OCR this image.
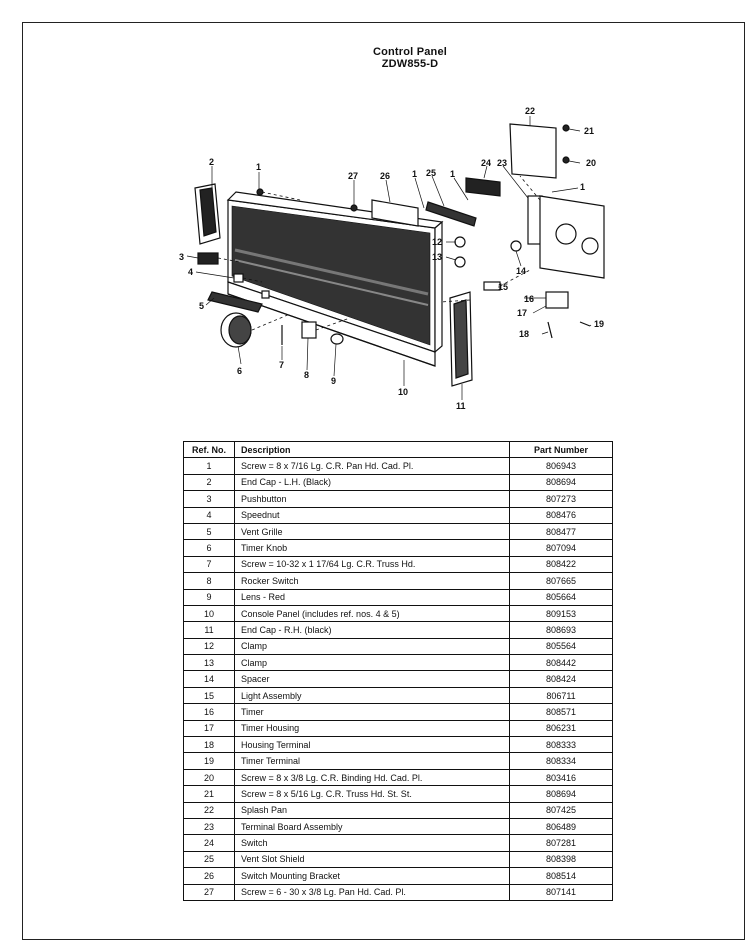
Control Panel
ZDW855-D
2	1
3
4
5
6
7
8
9
10
11
12
13
14
15
16
17
18
19
20
21
22
23
24
25
26
27	1	1
1
Ref. No.	Description	Part Number
1	Screw = 8 x 7/16 Lg. C.R. Pan Hd. Cad. Pl.	806943
2	End Cap - L.H. (Black)	808694
3	Pushbutton	807273
4	Speednut	808476
5	Vent Grille	808477
6	Timer Knob	807094
7	Screw = 10-32 x 1 17/64 Lg. C.R. Truss Hd.	808422
8	Rocker Switch	807665
9	Lens - Red	805664
10	Console Panel (includes ref. nos. 4 & 5)	809153
11	End Cap - R.H. (black)	808693
12	Clamp	805564
13	Clamp	808442
14	Spacer	808424
15	Light Assembly	806711
16	Timer	808571
17	Timer Housing	806231
18	Housing Terminal	808333
19	Timer Terminal	808334
20	Screw = 8 x 3/8 Lg. C.R. Binding Hd. Cad. Pl.	803416
21	Screw = 8 x 5/16 Lg. C.R. Truss Hd. St. St.	808694
22	Splash Pan	807425
23	Terminal Board Assembly	806489
24	Switch	807281
25	Vent Slot Shield	808398
26	Switch Mounting Bracket	808514
27	Screw = 6 - 30 x 3/8 Lg. Pan Hd. Cad. Pl.	807141
